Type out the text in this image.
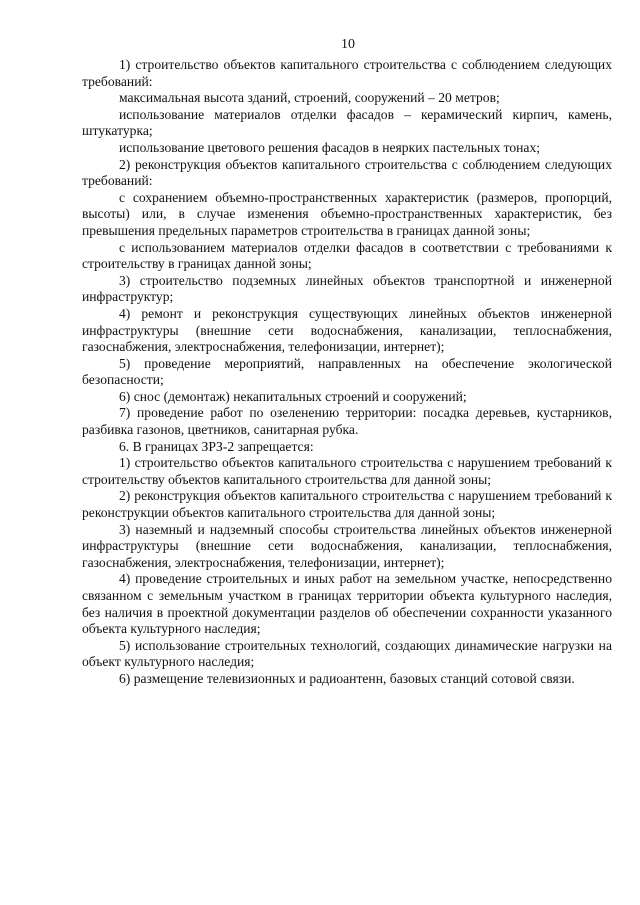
10

1) строительство объектов капитального строительства с соблюдением следующих требований:

максимальная высота зданий, строений, сооружений – 20 метров;

использование материалов отделки фасадов – керамический кирпич, камень, штукатурка;

использование цветового решения фасадов в неярких пастельных тонах;

2) реконструкция объектов капитального строительства с соблюдением следующих требований:

с сохранением объемно-пространственных характеристик (размеров, пропорций, высоты) или, в случае изменения объемно-пространственных характеристик, без превышения предельных параметров строительства в границах данной зоны;

с использованием материалов отделки фасадов в соответствии с требованиями к строительству в границах данной зоны;

3) строительство подземных линейных объектов транспортной и инженерной инфраструктур;

4) ремонт и реконструкция существующих линейных объектов инженерной инфраструктуры (внешние сети водоснабжения, канализации, теплоснабжения, газоснабжения, электроснабжения, телефонизации, интернет);

5) проведение мероприятий, направленных на обеспечение экологической безопасности;

6) снос (демонтаж) некапитальных строений и сооружений;

7) проведение работ по озеленению территории: посадка деревьев, кустарников, разбивка газонов, цветников, санитарная рубка.

6. В границах ЗРЗ-2 запрещается:

1) строительство объектов капитального строительства с нарушением требований к строительству объектов капитального строительства для данной зоны;

2) реконструкция объектов капитального строительства с нарушением требований к реконструкции объектов капитального строительства для данной зоны;

3) наземный и надземный способы строительства линейных объектов инженерной инфраструктуры (внешние сети водоснабжения, канализации, теплоснабжения, газоснабжения, электроснабжения, телефонизации, интернет);

4) проведение строительных и иных работ на земельном участке, непосредственно связанном с земельным участком в границах территории объекта культурного наследия, без наличия в проектной документации разделов об обеспечении сохранности указанного объекта культурного наследия;

5) использование строительных технологий, создающих динамические нагрузки на объект культурного наследия;

6) размещение телевизионных и радиоантенн, базовых станций сотовой связи.
